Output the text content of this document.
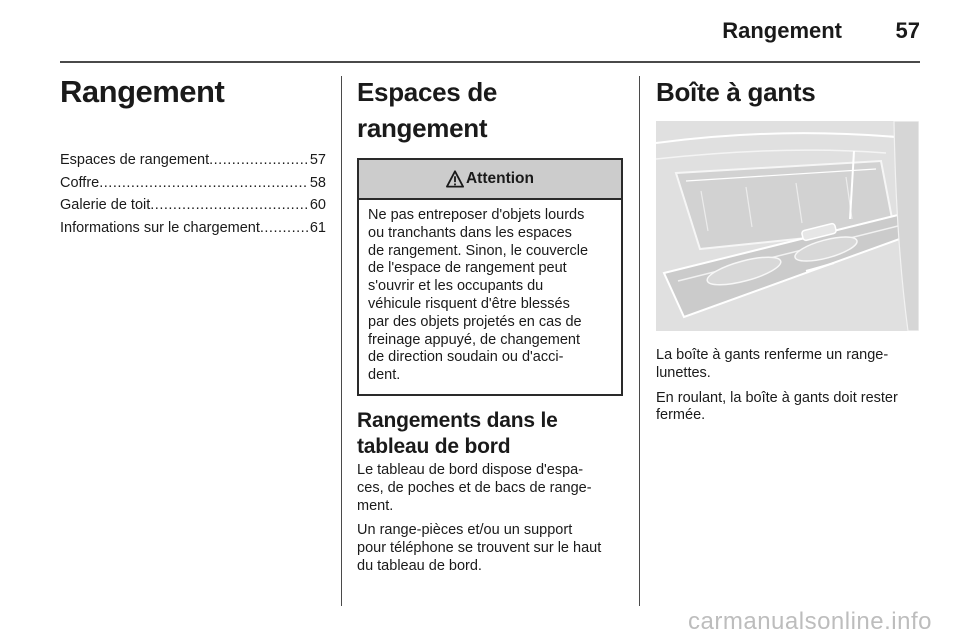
Rangement 57
Rangement
Espaces de rangement .....	57
Coffre .....	58
Galerie de toit .....	60
Informations sur le chargement .....	61
Espaces de rangement
Attention
Ne pas entreposer d'objets lourds
ou tranchants dans les espaces
de rangement. Sinon, le couvercle
de l'espace de rangement peut
s'ouvrir et les occupants du
véhicule risquent d'être blessés
par des objets projetés en cas de
freinage appuyé, de changement
de direction soudain ou d'acci-
dent.
Rangements dans le
tableau de bord
Le tableau de bord dispose d'espa-
ces, de poches et de bacs de range-
ment.
Un range-pièces et/ou un support
pour téléphone se trouvent sur le haut
du tableau de bord.
Boîte à gants
La boîte à gants renferme un range-
lunettes.
En roulant, la boîte à gants doit rester
fermée.
carmanualsonline.info
